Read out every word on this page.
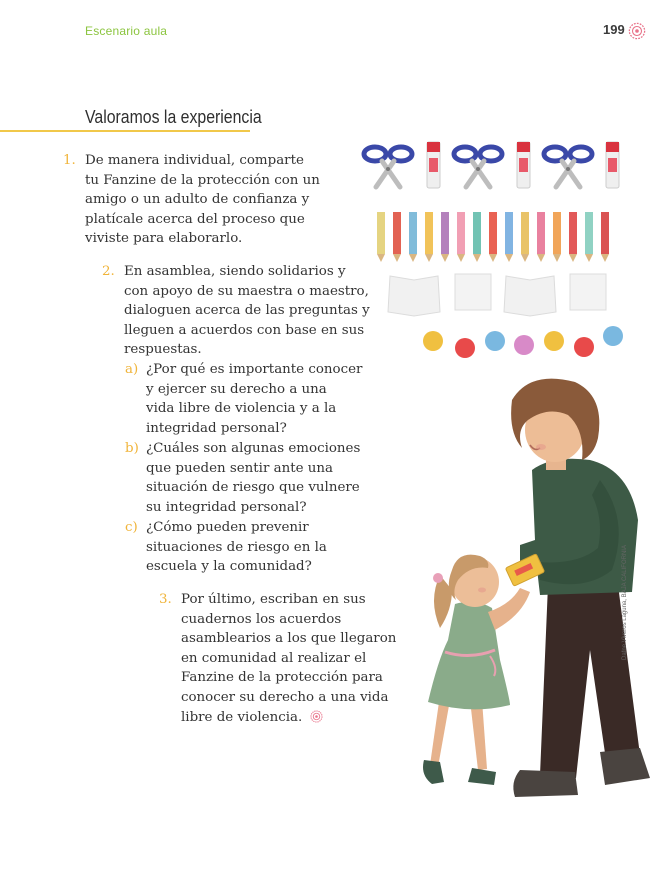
Escenario aula	199
Valoramos la experiencia
1. De manera individual, comparte
tu Fanzine de la protección con un
amigo o un adulto de confianza y
platícale acerca del proceso que
viviste para elaborarlo.
2. En asamblea, siendo solidarios y
con apoyo de su maestra o maestro,
dialoguen acerca de las preguntas y
lleguen a acuerdos con base en sus
respuestas.
a) ¿Por qué es importante conocer
y ejercer su derecho a una
vida libre de violencia y a la
integridad personal?
b) ¿Cuáles son algunas emociones
que pueden sentir ante una
situación de riesgo que vulnere
su integridad personal?
c) ¿Cómo pueden prevenir
situaciones de riesgo en la
escuela y la comunidad?
3. Por último, escriban en sus
cuadernos los acuerdos
asamblearios a los que llegaron
en comunidad al realizar el
Fanzine de la protección para
conocer su derecho a una vida
libre de violencia.
Dafne Viveros Laguna, BAJA CALIFORNIA
